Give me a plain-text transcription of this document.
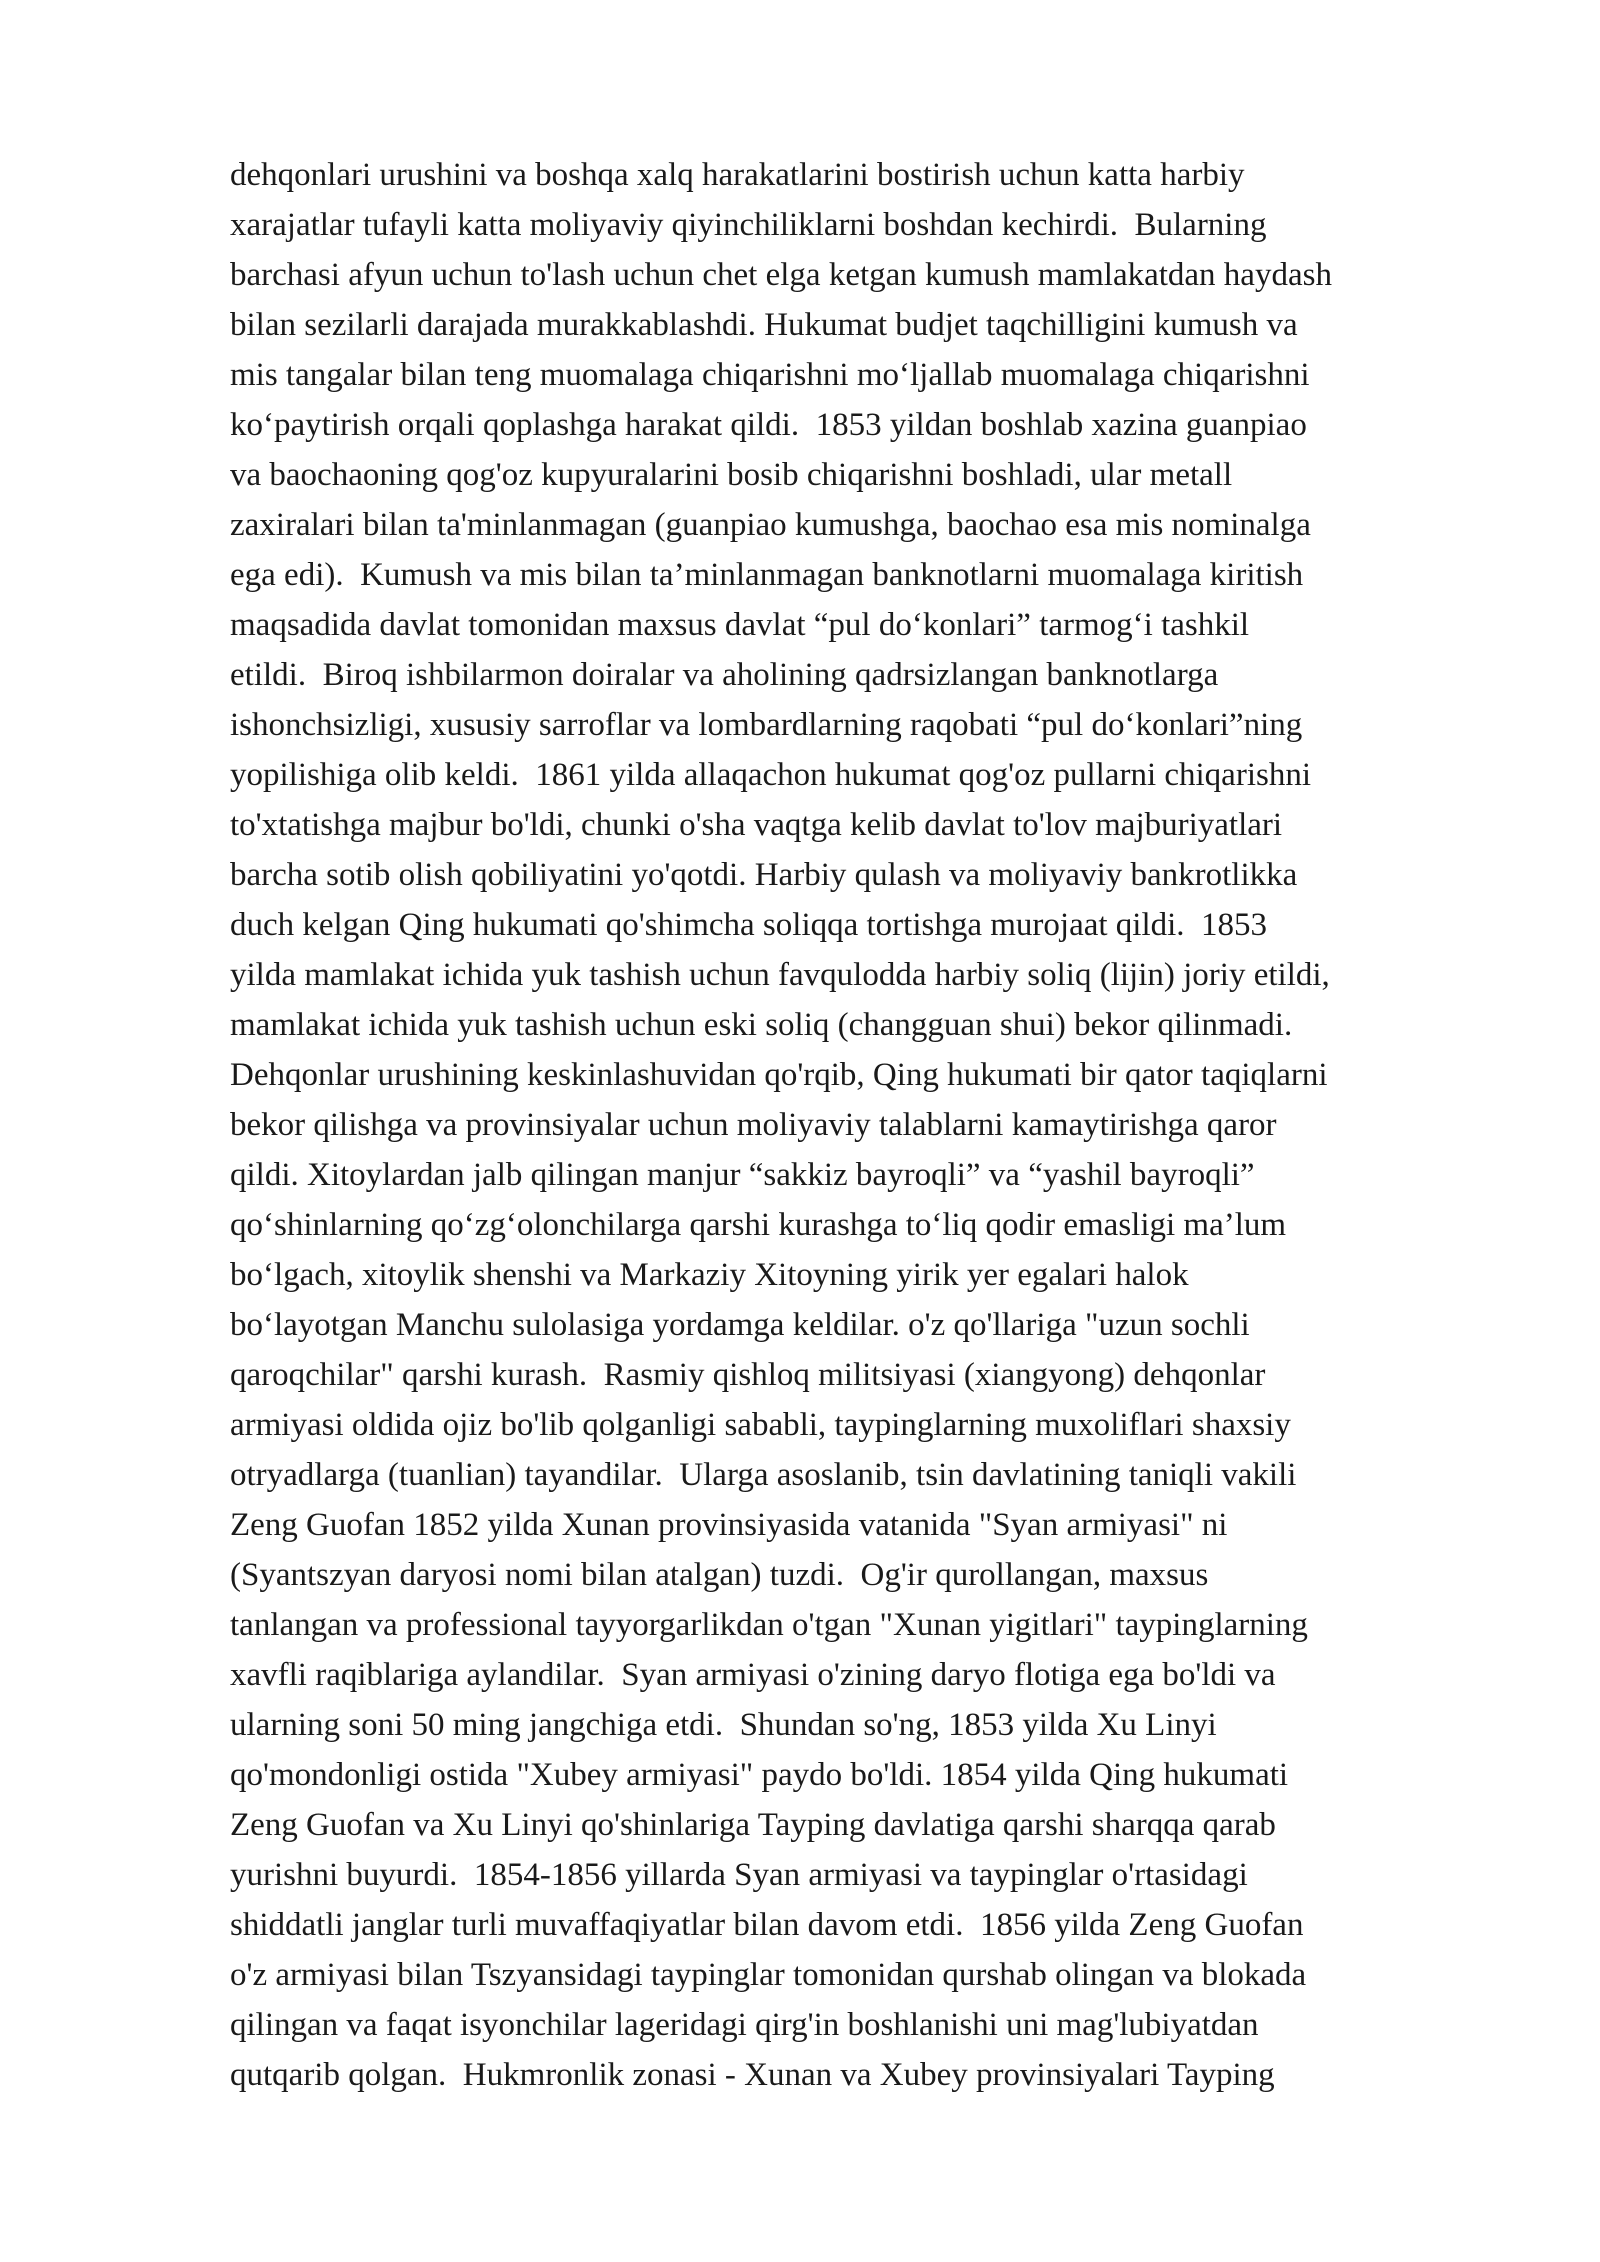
dehqonlari urushini va boshqa xalq harakatlarini bostirish uchun katta harbiy
xarajatlar tufayli katta moliyaviy qiyinchiliklarni boshdan kechirdi.  Bularning
barchasi afyun uchun to'lash uchun chet elga ketgan kumush mamlakatdan haydash
bilan sezilarli darajada murakkablashdi. Hukumat budjet taqchilligini kumush va
mis tangalar bilan teng muomalaga chiqarishni mo‘ljallab muomalaga chiqarishni
ko‘paytirish orqali qoplashga harakat qildi.  1853 yildan boshlab xazina guanpiao
va baochaoning qog'oz kupyuralarini bosib chiqarishni boshladi, ular metall
zaxiralari bilan ta'minlanmagan (guanpiao kumushga, baochao esa mis nominalga
ega edi).  Kumush va mis bilan ta’minlanmagan banknotlarni muomalaga kiritish
maqsadida davlat tomonidan maxsus davlat “pul do‘konlari” tarmog‘i tashkil
etildi.  Biroq ishbilarmon doiralar va aholining qadrsizlangan banknotlarga
ishonchsizligi, xususiy sarroflar va lombardlarning raqobati “pul do‘konlari”ning
yopilishiga olib keldi.  1861 yilda allaqachon hukumat qog'oz pullarni chiqarishni
to'xtatishga majbur bo'ldi, chunki o'sha vaqtga kelib davlat to'lov majburiyatlari
barcha sotib olish qobiliyatini yo'qotdi. Harbiy qulash va moliyaviy bankrotlikka
duch kelgan Qing hukumati qo'shimcha soliqqa tortishga murojaat qildi.  1853
yilda mamlakat ichida yuk tashish uchun favqulodda harbiy soliq (lijin) joriy etildi,
mamlakat ichida yuk tashish uchun eski soliq (changguan shui) bekor qilinmadi.
Dehqonlar urushining keskinlashuvidan qo'rqib, Qing hukumati bir qator taqiqlarni
bekor qilishga va provinsiyalar uchun moliyaviy talablarni kamaytirishga qaror
qildi. Xitoylardan jalb qilingan manjur “sakkiz bayroqli” va “yashil bayroqli”
qo‘shinlarning qo‘zg‘olonchilarga qarshi kurashga to‘liq qodir emasligi ma’lum
bo‘lgach, xitoylik shenshi va Markaziy Xitoyning yirik yer egalari halok
bo‘layotgan Manchu sulolasiga yordamga keldilar. o'z qo'llariga "uzun sochli
qaroqchilar" qarshi kurash.  Rasmiy qishloq militsiyasi (xiangyong) dehqonlar
armiyasi oldida ojiz bo'lib qolganligi sababli, taypinglarning muxoliflari shaxsiy
otryadlarga (tuanlian) tayandilar.  Ularga asoslanib, tsin davlatining taniqli vakili
Zeng Guofan 1852 yilda Xunan provinsiyasida vatanida "Syan armiyasi" ni
(Syantszyan daryosi nomi bilan atalgan) tuzdi.  Og'ir qurollangan, maxsus
tanlangan va professional tayyorgarlikdan o'tgan "Xunan yigitlari" taypinglarning
xavfli raqiblariga aylandilar.  Syan armiyasi o'zining daryo flotiga ega bo'ldi va
ularning soni 50 ming jangchiga etdi.  Shundan so'ng, 1853 yilda Xu Linyi
qo'mondonligi ostida "Xubey armiyasi" paydo bo'ldi. 1854 yilda Qing hukumati
Zeng Guofan va Xu Linyi qo'shinlariga Tayping davlatiga qarshi sharqqa qarab
yurishni buyurdi.  1854-1856 yillarda Syan armiyasi va taypinglar o'rtasidagi
shiddatli janglar turli muvaffaqiyatlar bilan davom etdi.  1856 yilda Zeng Guofan
o'z armiyasi bilan Tszyansidagi taypinglar tomonidan qurshab olingan va blokada
qilingan va faqat isyonchilar lageridagi qirg'in boshlanishi uni mag'lubiyatdan
qutqarib qolgan.  Hukmronlik zonasi - Xunan va Xubey provinsiyalari Tayping
